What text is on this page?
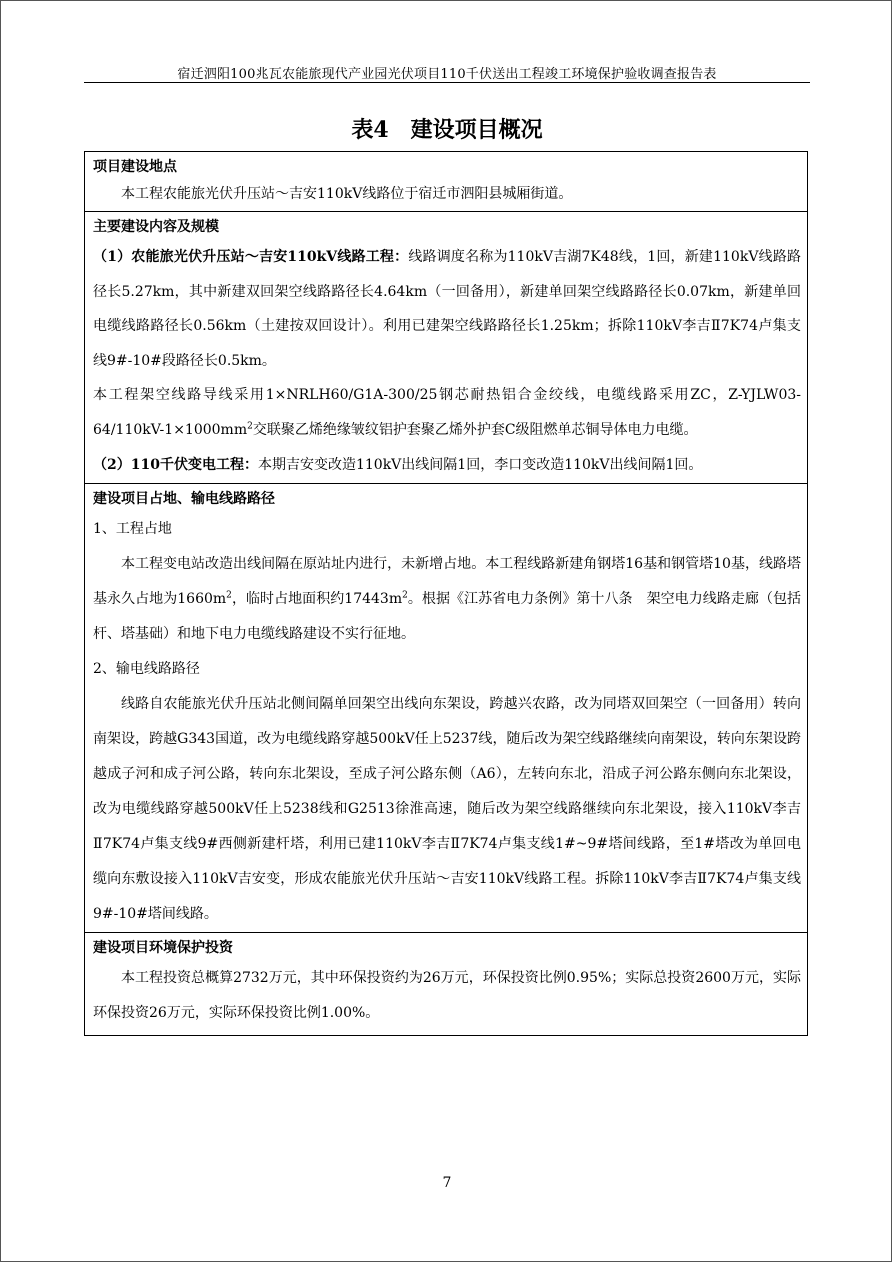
宿迁泗阳100兆瓦农能旅现代产业园光伏项目110千伏送出工程竣工环境保护验收调查报告表
表4　建设项目概况
项目建设地点

本工程农能旅光伏升压站～吉安110kV线路位于宿迁市泗阳县城厢街道。

主要建设内容及规模

（1）农能旅光伏升压站～吉安110kV线路工程：线路调度名称为110kV吉湖7K48线，1回，新建110kV线路路径长5.27km，其中新建双回架空线路路径长4.64km（一回备用），新建单回架空线路路径长0.07km，新建单回电缆线路路径长0.56km（土建按双回设计）。利用已建架空线路路径长1.25km；拆除110kV李吉Ⅱ7K74卢集支线9#-10#段路径长0.5km。

本工程架空线路导线采用1×NRLH60/G1A-300/25钢芯耐热铝合金绞线，电缆线路采用ZC，$Z-YJLW03-64/110kV-1\times 1000mm^2$交联聚乙烯绝缘皱纹铝护套聚乙烯外护套C级阻燃单芯铜导体电力电缆。

（2）110千伏变电工程：本期吉安变改造110kV出线间隔1回，李口变改造110kV出线间隔1回。

建设项目占地、输电线路路径

1、工程占地

本工程变电站改造出线间隔在原站址内进行，未新增占地。本工程线路新建角钢塔16基和钢管塔10基，线路塔基永久占地为$1660m^2$，临时占地面积约$17443m^2$。根据《江苏省电力条例》第十八条　架空电力线路走廊（包括杆、塔基础）和地下电力电缆线路建设不实行征地。

2、输电线路路径

线路自农能旅光伏升压站北侧间隔单回架空出线向东架设，跨越兴农路，改为同塔双回架空（一回备用）转向南架设，跨越G343国道，改为电缆线路穿越500kV任上5237线，随后改为架空线路继续向南架设，转向东架设跨越成子河和成子河公路，转向东北架设，至成子河公路东侧（A6），左转向东北，沿成子河公路东侧向东北架设，改为电缆线路穿越500kV任上5238线和G2513徐淮高速，随后改为架空线路继续向东北架设，接入110kV李吉Ⅱ7K74卢集支线9#西侧新建杆塔，利用已建110kV李吉Ⅱ7K74卢集支线1#~9#塔间线路，至1#塔改为单回电缆向东敷设接入110kV吉安变，形成农能旅光伏升压站～吉安110kV线路工程。拆除110kV李吉Ⅱ7K74卢集支线9#-10#塔间线路。

建设项目环境保护投资

本工程投资总概算2732万元，其中环保投资约为26万元，环保投资比例0.95%；实际总投资2600万元，实际环保投资26万元，实际环保投资比例1.00%。

7
